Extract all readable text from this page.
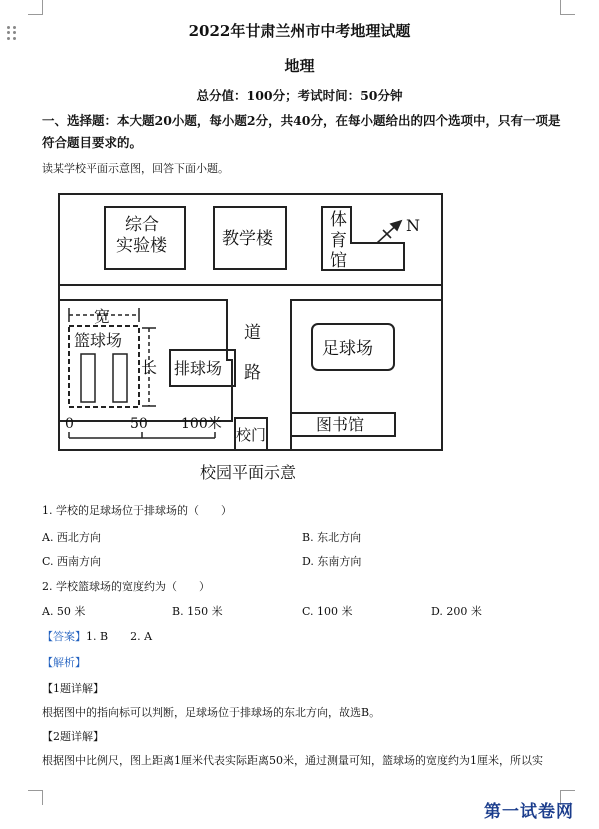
2022年甘肃兰州市中考地理试题
地理
总分值：100分；考试时间：50分钟
一、选择题：本大题20小题，每小题2分，共40分，在每小题给出的四个选项中，只有一项是符合题目要求的。
读某学校平面示意图，回答下面小题。
综合
实验楼	教学楼
体
育
馆
N
宽
篮球场
长 排球场
道
路
足球场
校门
图书馆
0	50 100米
校园平面示意
1. 学校的足球场位于排球场的（　　）
A. 西北方向	B. 东北方向
C. 西南方向	D. 东南方向
2. 学校篮球场的宽度约为（　　）
A. 50 米	B. 150 米	C. 100 米	D. 200 米
【答案】1. B　　2. A
【解析】
【1题详解】
根据图中的指向标可以判断，足球场位于排球场的东北方向，故选B。
【2题详解】
根据图中比例尺，图上距离1厘米代表实际距离50米，通过测量可知，篮球场的宽度约为1厘米，所以实
第一试卷网
